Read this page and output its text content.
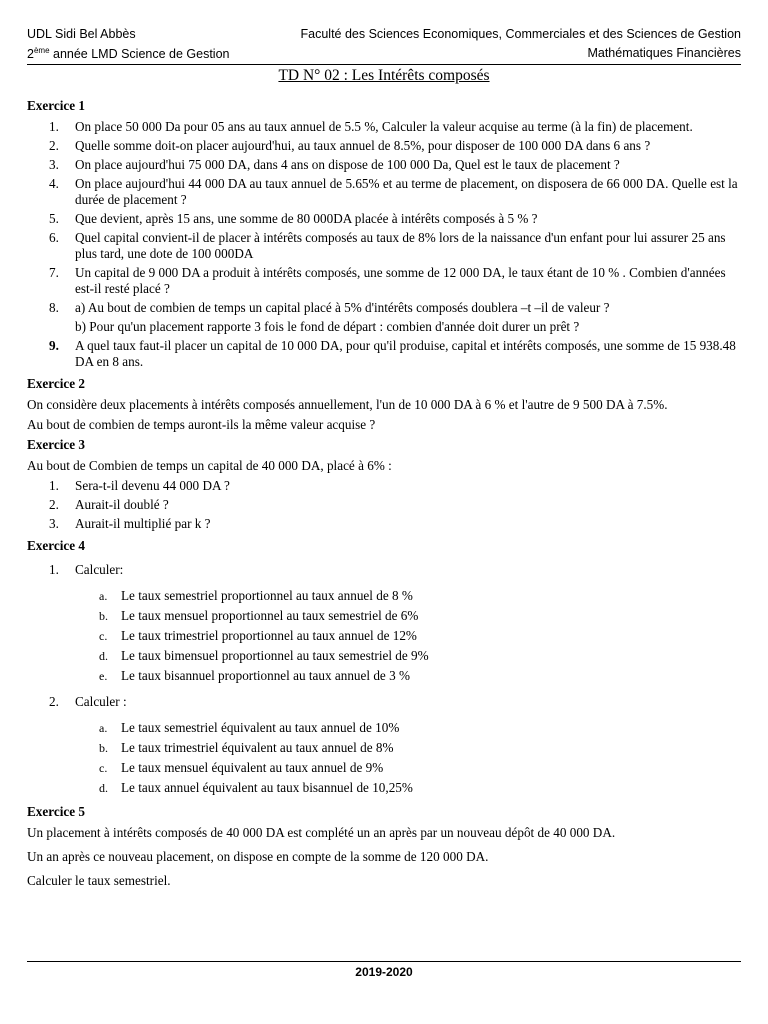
UDL Sidi Bel Abbès	Faculté des Sciences Economiques, Commerciales et des Sciences de Gestion
2ème année LMD Science de Gestion	Mathématiques Financières
TD N° 02 : Les Intérêts composés
Exercice 1
1. On place 50 000 Da pour 05 ans au taux annuel de 5.5 %, Calculer la valeur acquise au terme (à la fin) de placement.
2. Quelle somme doit-on placer aujourd'hui, au taux annuel de 8.5%, pour disposer de 100 000 DA dans 6 ans ?
3. On place aujourd'hui 75 000 DA, dans 4 ans on dispose de 100 000 Da, Quel est le taux de placement ?
4. On place aujourd'hui 44 000 DA au taux annuel de 5.65% et au terme de placement, on disposera de 66 000 DA. Quelle est la durée de placement ?
5. Que devient, après 15 ans, une somme de 80 000DA placée à intérêts composés à 5 % ?
6. Quel capital convient-il de placer à intérêts composés au taux de 8% lors de la naissance d'un enfant pour lui assurer 25 ans plus tard, une dote de 100 000DA
7. Un capital de 9 000 DA a produit à intérêts composés, une somme de 12 000 DA, le taux étant de 10 % . Combien d'années est-il resté placé ?
8. a) Au bout de combien de temps un capital placé à 5% d'intérêts composés doublera –t –il de valeur ?
b) Pour qu'un placement rapporte 3 fois le fond de départ : combien d'année doit durer un prêt ?
9. A quel taux faut-il placer un capital de 10 000 DA, pour qu'il produise, capital et intérêts composés, une somme de 15 938.48 DA en 8 ans.
Exercice 2

On considère deux placements à intérêts composés annuellement, l'un de 10 000 DA à 6 % et l'autre de 9 500 DA à 7.5%.

Au bout de combien de temps auront-ils la même valeur acquise ?

Exercice 3

Au bout de Combien de temps un capital de 40 000 DA, placé à 6% :

1. Sera-t-il devenu 44 000 DA ?
2. Aurait-il doublé ?
3. Aurait-il multiplié par k ?
Exercice 4
1. Calculer:
a. Le taux semestriel proportionnel au taux annuel de 8 %
b. Le taux mensuel proportionnel au taux semestriel de 6%
c. Le taux trimestriel proportionnel au taux annuel de 12%
d. Le taux bimensuel proportionnel au taux semestriel de 9%
e. Le taux bisannuel proportionnel au taux annuel de 3 %
2. Calculer :
a. Le taux semestriel équivalent au taux annuel de 10%
b. Le taux trimestriel équivalent au taux annuel de 8%
c. Le taux mensuel équivalent au taux annuel de 9%
d. Le taux annuel équivalent au taux bisannuel de 10,25%
Exercice 5

Un placement à intérêts composés de 40 000 DA est complété un an après par un nouveau dépôt de 40 000 DA.

Un an après ce nouveau placement, on dispose en compte de la somme de 120 000 DA.

Calculer le taux semestriel.

2019-2020
